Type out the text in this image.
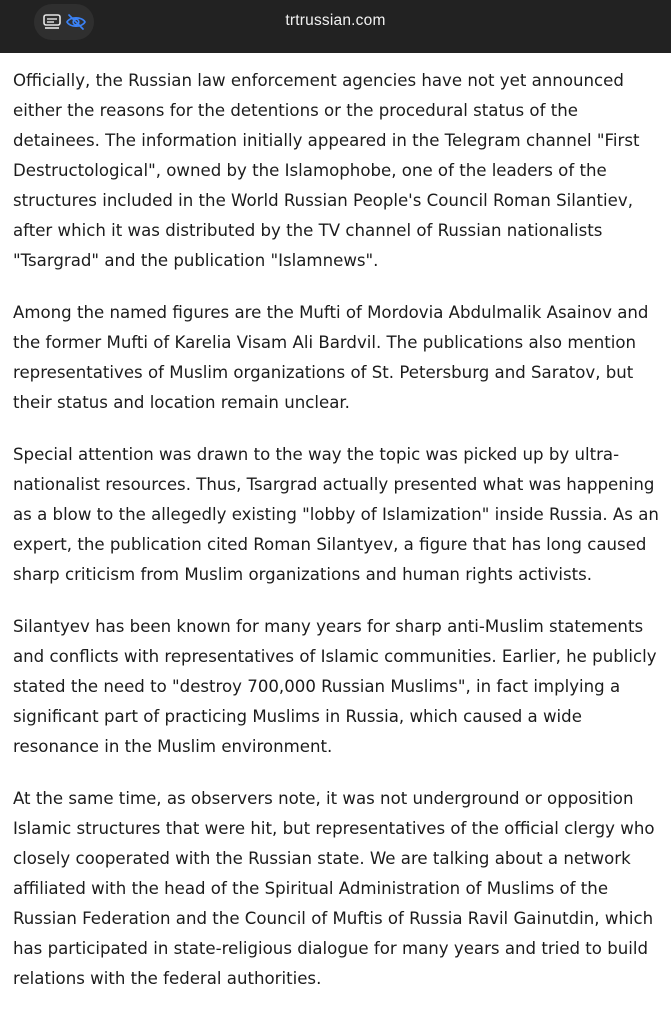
trtrussian.com

Officially, the Russian law enforcement agencies have not yet announced either the reasons for the detentions or the procedural status of the detainees. The information initially appeared in the Telegram channel "First Destructological", owned by the Islamophobe, one of the leaders of the structures included in the World Russian People's Council Roman Silantiev, after which it was distributed by the TV channel of Russian nationalists "Tsargrad" and the publication "Islamnews".

Among the named figures are the Mufti of Mordovia Abdulmalik Asainov and the former Mufti of Karelia Visam Ali Bardvil. The publications also mention representatives of Muslim organizations of St. Petersburg and Saratov, but their status and location remain unclear.

Special attention was drawn to the way the topic was picked up by ultra-nationalist resources. Thus, Tsargrad actually presented what was happening as a blow to the allegedly existing "lobby of Islamization" inside Russia. As an expert, the publication cited Roman Silantyev, a figure that has long caused sharp criticism from Muslim organizations and human rights activists.

Silantyev has been known for many years for sharp anti-Muslim statements and conflicts with representatives of Islamic communities. Earlier, he publicly stated the need to "destroy 700,000 Russian Muslims", in fact implying a significant part of practicing Muslims in Russia, which caused a wide resonance in the Muslim environment.

At the same time, as observers note, it was not underground or opposition Islamic structures that were hit, but representatives of the official clergy who closely cooperated with the Russian state. We are talking about a network affiliated with the head of the Spiritual Administration of Muslims of the Russian Federation and the Council of Muftis of Russia Ravil Gainutdin, which has participated in state-religious dialogue for many years and tried to build relations with the federal authorities.
